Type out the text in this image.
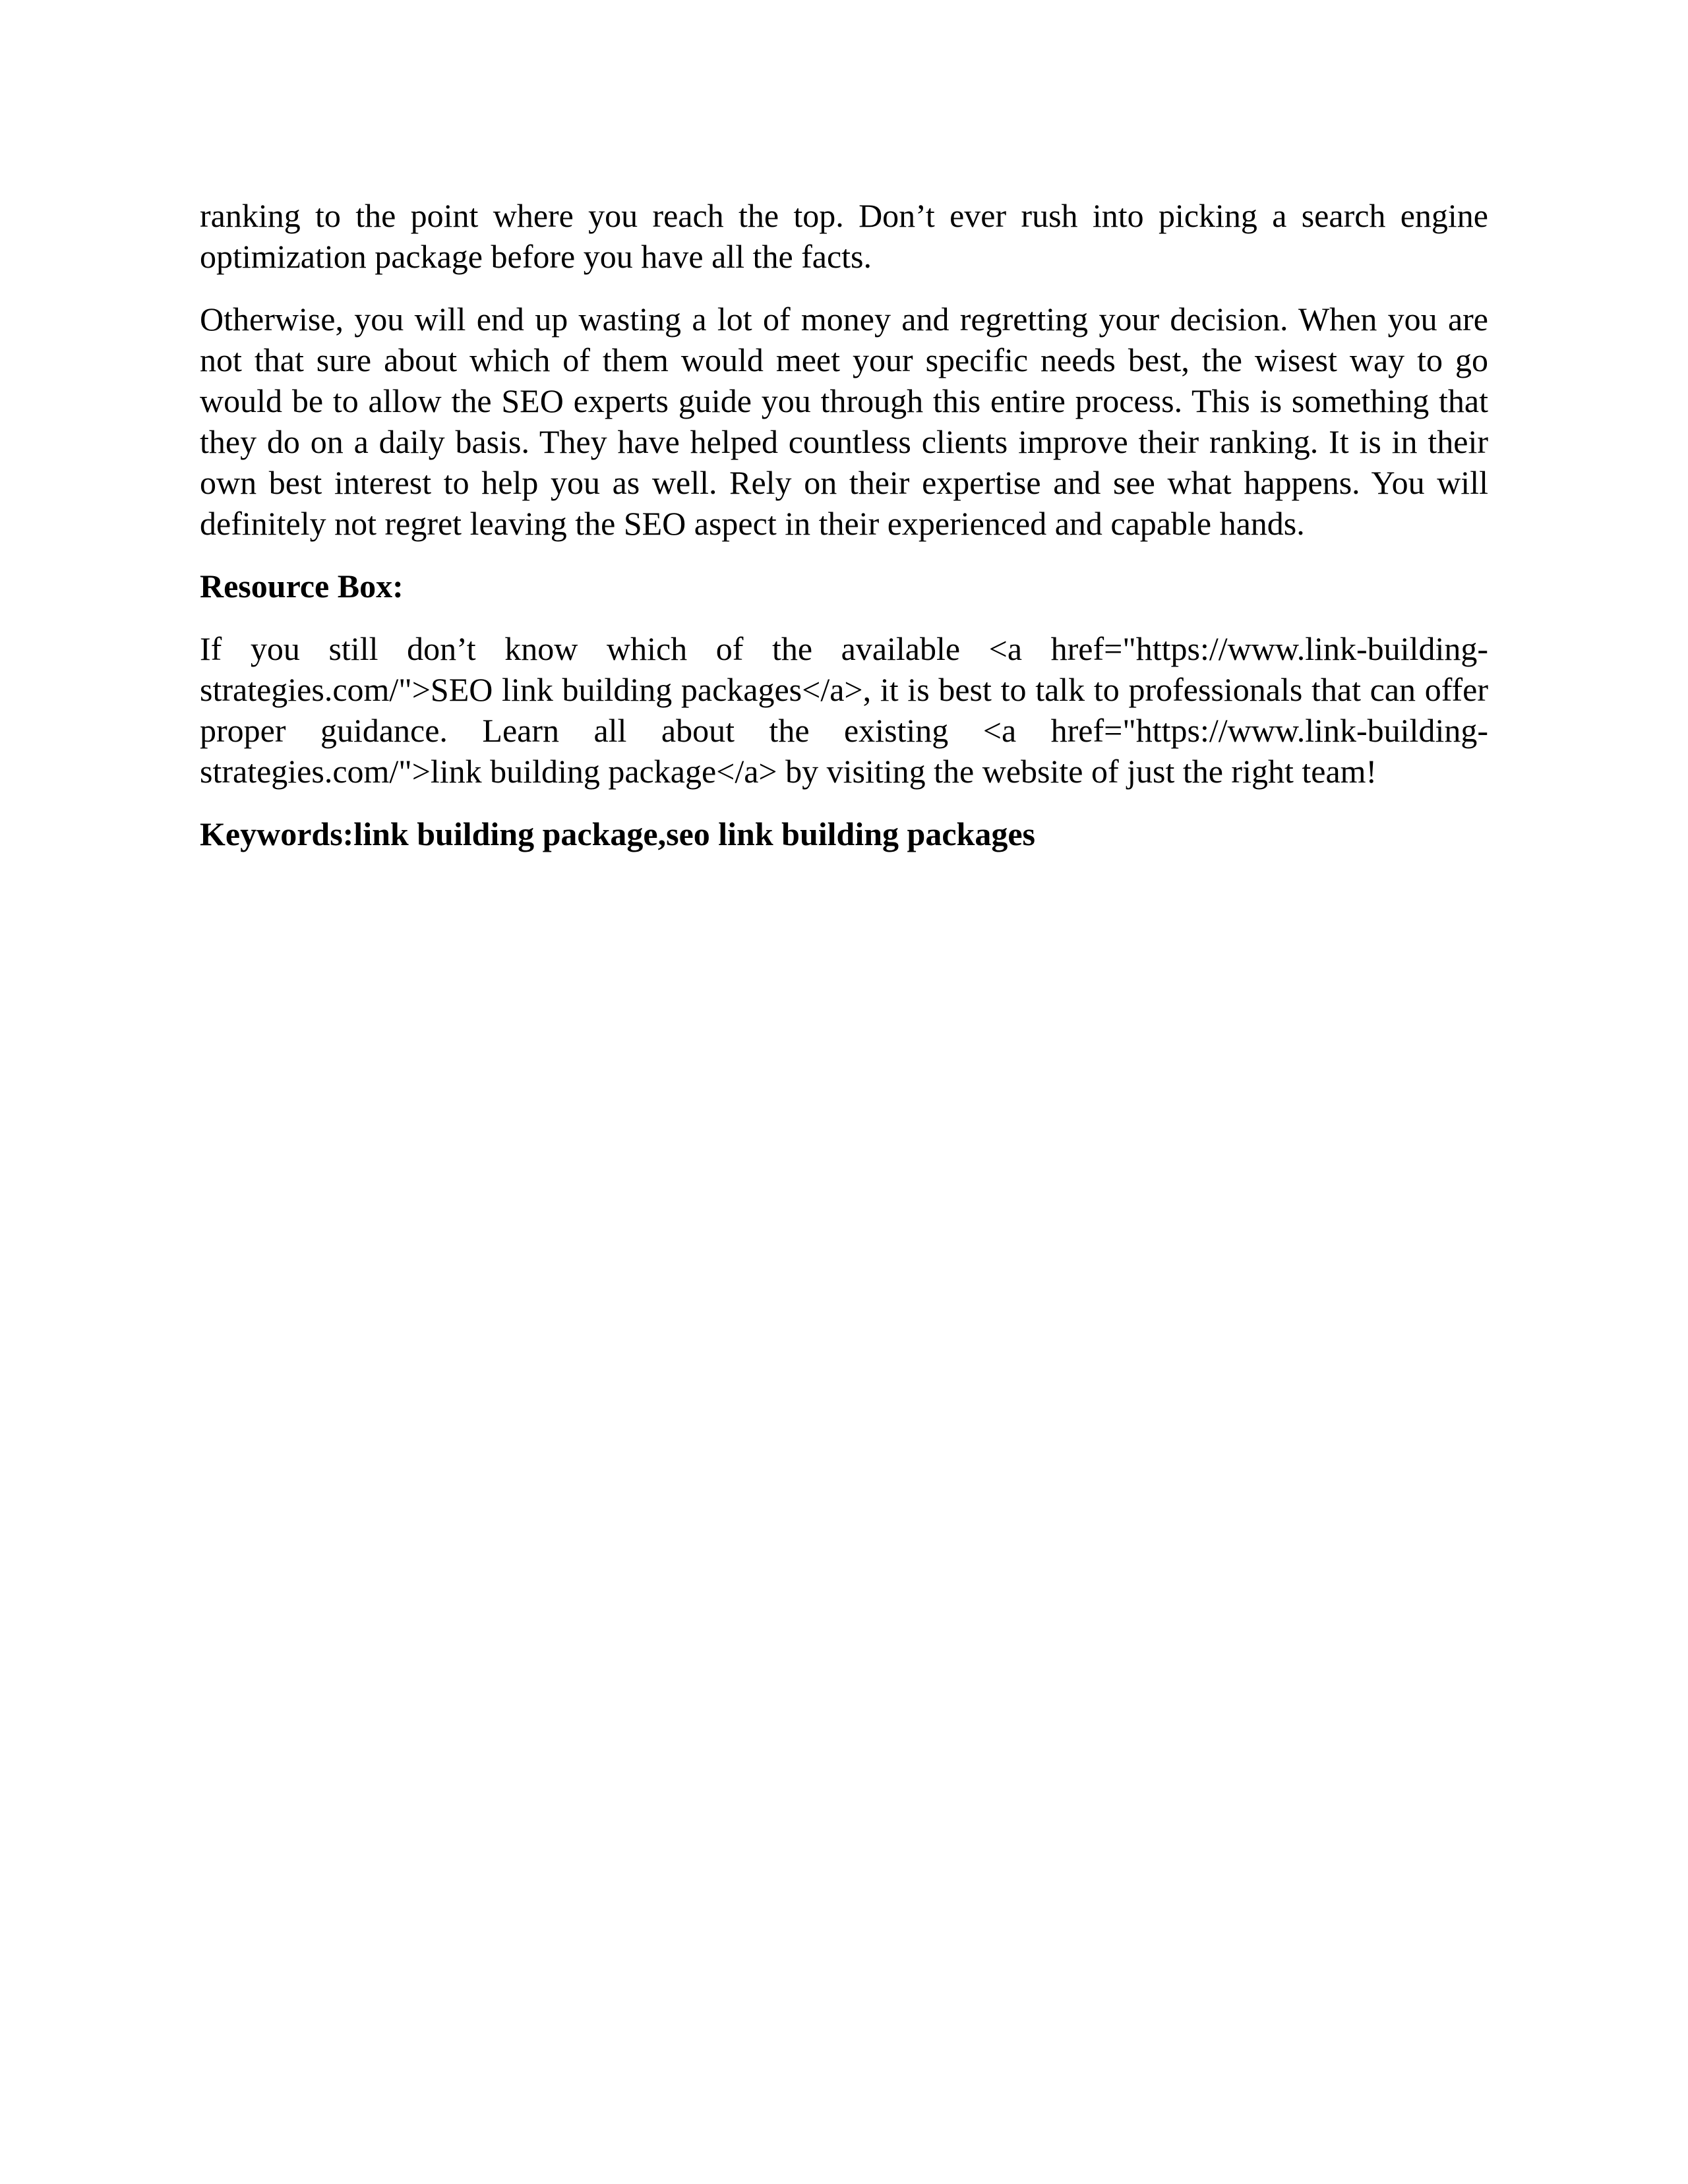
ranking to the point where you reach the top. Don’t ever rush into picking a search engine optimization package before you have all the facts.

Otherwise, you will end up wasting a lot of money and regretting your decision. When you are not that sure about which of them would meet your specific needs best, the wisest way to go would be to allow the SEO experts guide you through this entire process. This is something that they do on a daily basis. They have helped countless clients improve their ranking. It is in their own best interest to help you as well. Rely on their expertise and see what happens. You will definitely not regret leaving the SEO aspect in their experienced and capable hands.

Resource Box:

If you still don’t know which of the available <a href="https://www.link-building-strategies.com/">SEO link building packages</a>, it is best to talk to professionals that can offer proper guidance. Learn all about the existing <a href="https://www.link-building-strategies.com/">link building package</a> by visiting the website of just the right team!

Keywords:link building package,seo link building packages
